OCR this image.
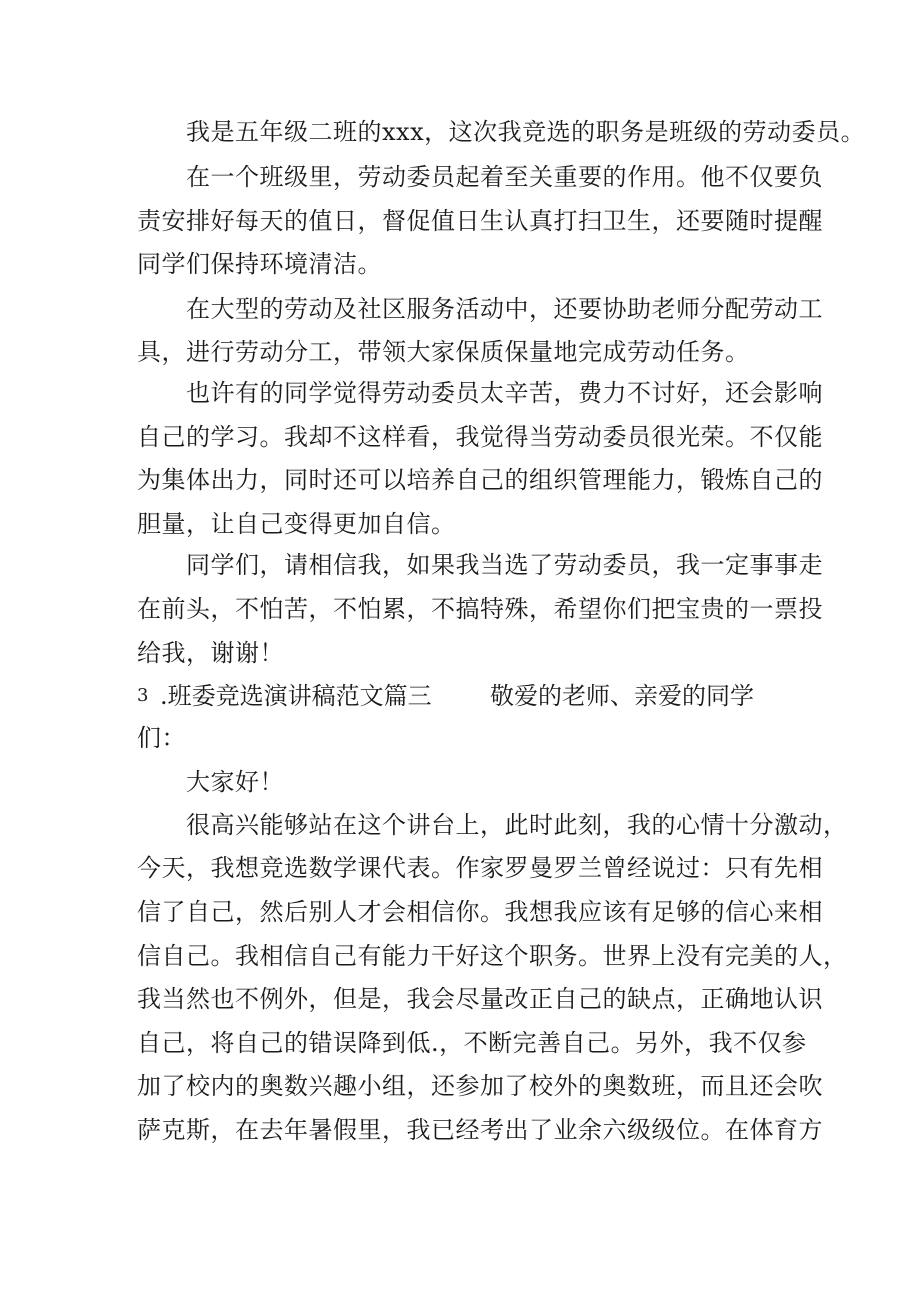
我是五年级二班的xxx，这次我竞选的职务是班级的劳动委员。
在一个班级里，劳动委员起着至关重要的作用。他不仅要负
责安排好每天的值日，督促值日生认真打扫卫生，还要随时提醒
同学们保持环境清洁。
在大型的劳动及社区服务活动中，还要协助老师分配劳动工
具，进行劳动分工，带领大家保质保量地完成劳动任务。
也许有的同学觉得劳动委员太辛苦，费力不讨好，还会影响
自己的学习。我却不这样看，我觉得当劳动委员很光荣。不仅能
为集体出力，同时还可以培养自己的组织管理能力，锻炼自己的
胆量，让自己变得更加自信。
同学们，请相信我，如果我当选了劳动委员，我一定事事走
在前头，不怕苦，不怕累，不搞特殊，希望你们把宝贵的一票投
给我，谢谢！
3 .班委竞选演讲稿范文篇三 敬爱的老师、亲爱的同学
们：
大家好！
很高兴能够站在这个讲台上，此时此刻，我的心情十分激动，
今天，我想竞选数学课代表。作家罗曼罗兰曾经说过：只有先相
信了自己，然后别人才会相信你。我想我应该有足够的信心来相
信自己。我相信自己有能力干好这个职务。世界上没有完美的人，
我当然也不例外，但是，我会尽量改正自己的缺点，正确地认识
自己，将自己的错误降到低.，不断完善自己。另外，我不仅参
加了校内的奥数兴趣小组，还参加了校外的奥数班，而且还会吹
萨克斯，在去年暑假里，我已经考出了业余六级级位。在体育方
